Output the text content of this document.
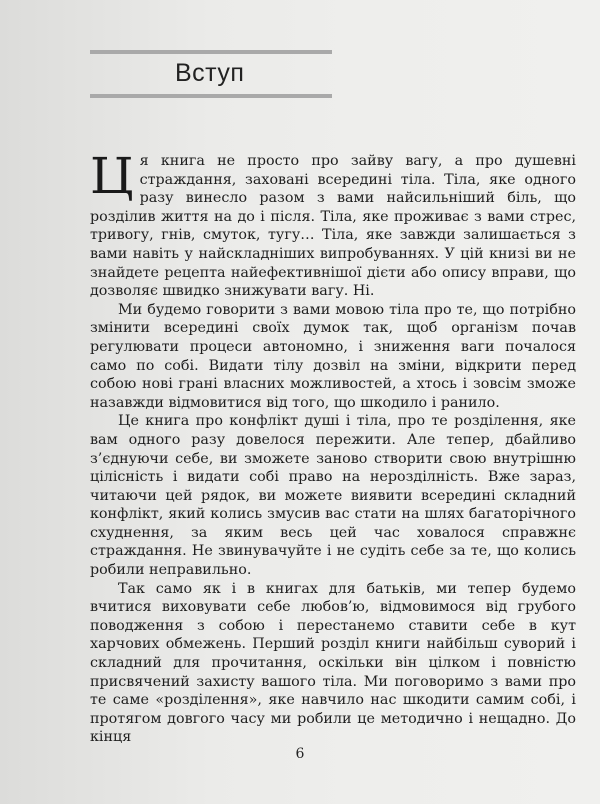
Вступ

Ця книга не просто про зайву вагу, а про душевні страждання, заховані всередині тіла. Тіла, яке одного разу винесло разом з вами найсильніший біль, що розділив життя на до і після. Тіла, яке проживає з вами стрес, тривогу, гнів, смуток, тугу… Тіла, яке завжди залишається з вами навіть у найскладніших випробуваннях. У цій книзі ви не знайдете рецепта найефективнішої дієти або опису вправи, що дозволяє швидко знижувати вагу. Ні.

Ми будемо говорити з вами мовою тіла про те, що потрібно змінити всередині своїх думок так, щоб організм почав регулювати процеси автономно, і зниження ваги почалося само по собі. Видати тілу дозвіл на зміни, відкрити перед собою нові грані власних можливостей, а хтось і зовсім зможе назавжди відмовитися від того, що шкодило і ранило.

Це книга про конфлікт душі і тіла, про те розділення, яке вам одного разу довелося пережити. Але тепер, дбайливо з’єднуючи себе, ви зможете заново створити свою внутрішню цілісність і видати собі право на нерозділність. Вже зараз, читаючи цей рядок, ви можете виявити всередині складний конфлікт, який колись змусив вас стати на шлях багаторічного схуднення, за яким весь цей час ховалося справжнє страждання. Не звинувачуйте і не судіть себе за те, що колись робили неправильно.

Так само як і в книгах для батьків, ми тепер будемо вчитися виховувати себе любов’ю, відмовимося від грубого поводження з собою і перестанемо ставити себе в кут харчових обмежень. Перший розділ книги найбільш суворий і складний для прочитання, оскільки він цілком і повністю присвячений захисту вашого тіла. Ми поговоримо з вами про те саме «розділення», яке навчило нас шкодити самим собі, і протягом довгого часу ми робили це методично і нещадно. До кінця

6
